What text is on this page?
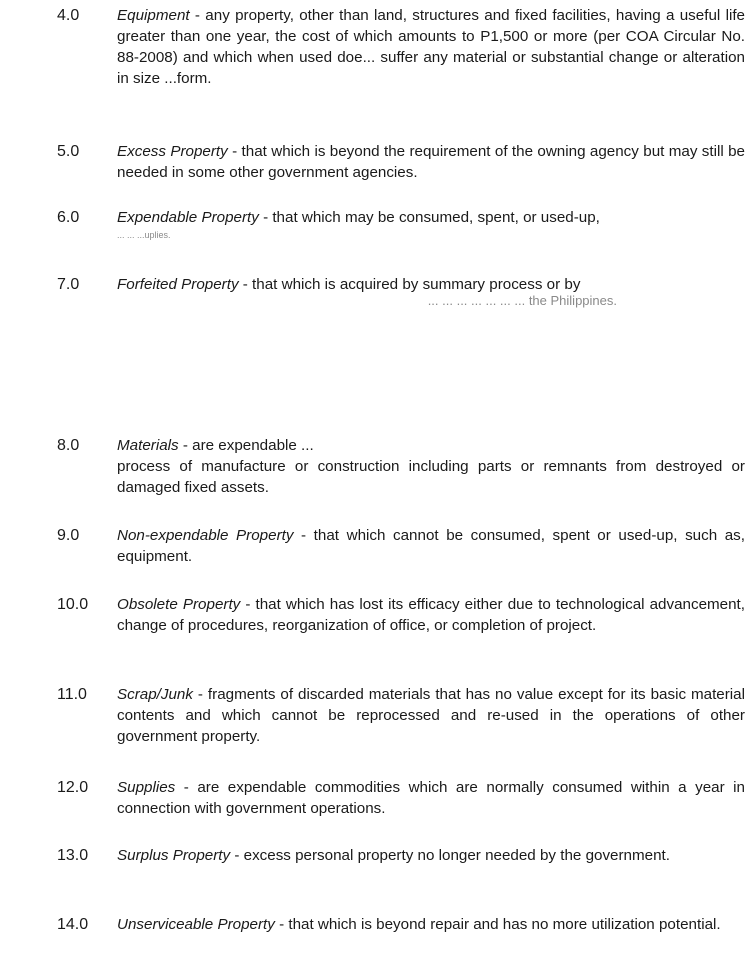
4.0 Equipment - any property, other than land, structures and fixed facilities, having a useful life greater than one year, the cost of which amounts to P1,500 or more (per COA Circular No. 88-2008) and which when used doe... suffer any material or substantial change or alteration in size ...form.
5.0 Excess Property - that which is beyond the requirement of the owning agency but may still be needed in some other government agencies.
6.0 Expendable Property - that which may be consumed, spent, or used-up,
... ... ...uplies.
7.0 Forfeited Property - that which is acquired by summary process or by
... ... ... ... ... ... ... the Philippines.
8.0 Materials - are expendable ...
process of manufacture or construction including parts or remnants from destroyed or damaged fixed assets.
9.0 Non-expendable Property - that which cannot be consumed, spent or used-up, such as, equipment.
10.0 Obsolete Property - that which has lost its efficacy either due to technological advancement, change of procedures, reorganization of office, or completion of project.
11.0 Scrap/Junk - fragments of discarded materials that has no value except for its basic material contents and which cannot be reprocessed and re-used in the operations of other government property.
12.0 Supplies - are expendable commodities which are normally consumed within a year in connection with government operations.
13.0 Surplus Property - excess personal property no longer needed by the government.
14.0 Unserviceable Property - that which is beyond repair and has no more utilization potential.
